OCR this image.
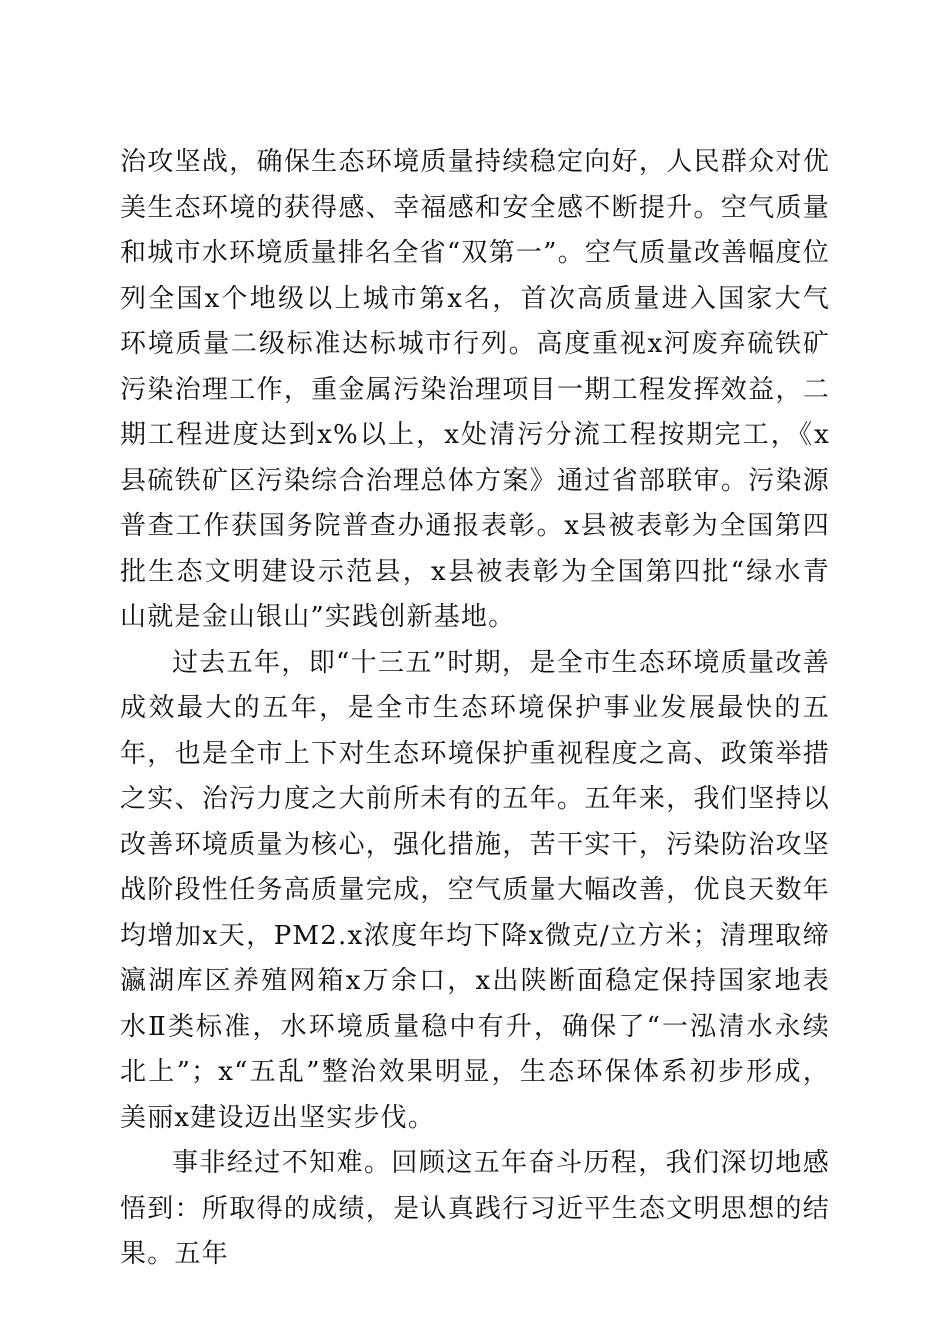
治攻坚战，确保生态环境质量持续稳定向好，人民群众对优美生态环境的获得感、幸福感和安全感不断提升。空气质量和城市水环境质量排名全省“双第一”。空气质量改善幅度位列全国x个地级以上城市第x名，首次高质量进入国家大气环境质量二级标准达标城市行列。高度重视x河废弃硫铁矿污染治理工作，重金属污染治理项目一期工程发挥效益，二期工程进度达到x%以上，x处清污分流工程按期完工，《x县硫铁矿区污染综合治理总体方案》通过省部联审。污染源普查工作获国务院普查办通报表彰。x县被表彰为全国第四批生态文明建设示范县，x县被表彰为全国第四批“绿水青山就是金山银山”实践创新基地。

过去五年，即“十三五”时期，是全市生态环境质量改善成效最大的五年，是全市生态环境保护事业发展最快的五年，也是全市上下对生态环境保护重视程度之高、政策举措之实、治污力度之大前所未有的五年。五年来，我们坚持以改善环境质量为核心，强化措施，苦干实干，污染防治攻坚战阶段性任务高质量完成，空气质量大幅改善，优良天数年均增加x天，PM2.x浓度年均下降x微克/立方米；清理取缔瀛湖库区养殖网箱x万余口，x出陕断面稳定保持国家地表水Ⅱ类标准，水环境质量稳中有升，确保了“一泓清水永续北上”；x“五乱”整治效果明显，生态环保体系初步形成，美丽x建设迈出坚实步伐。

事非经过不知难。回顾这五年奋斗历程，我们深切地感悟到：所取得的成绩，是认真践行习近平生态文明思想的结果。五年
